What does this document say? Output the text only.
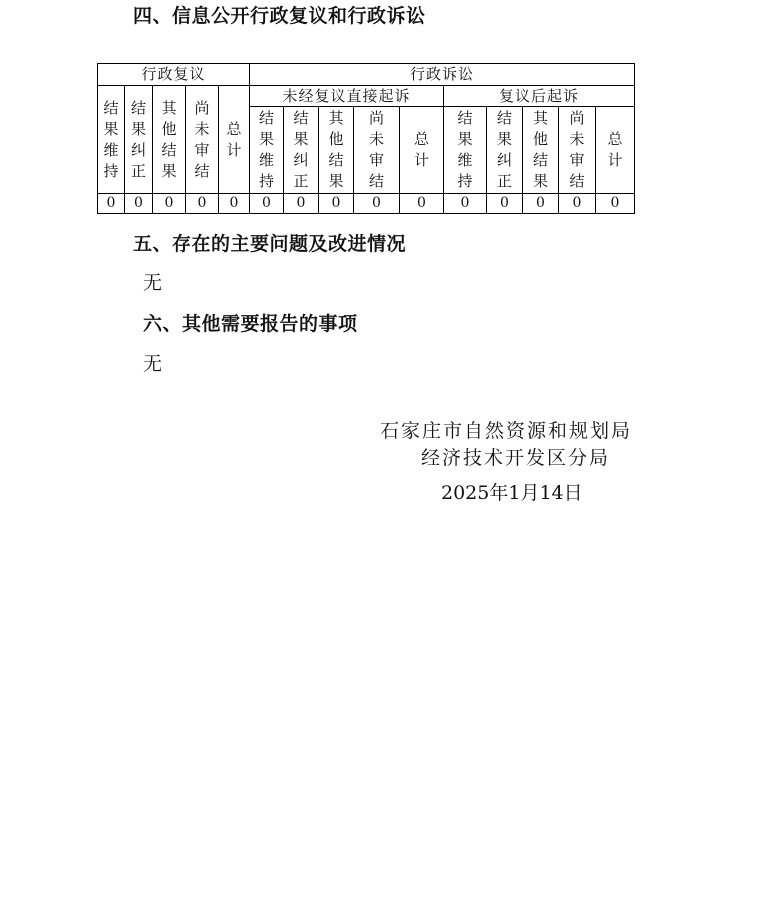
四、信息公开行政复议和行政诉讼
行政复议					行政诉讼									
结果维持	结果纠正	其他结果	尚未审结	总计	未经复议直接起诉					复议后起诉				
					结果维持	结果纠正	其他结果	尚未审结	总计	结果维持	结果纠正	其他结果	尚未审结	总计
0	0	0	0	0	0	0	0	0	0	0	0	0	0	0
五、存在的主要问题及改进情况

无

六、其他需要报告的事项

无

石家庄市自然资源和规划局
经济技术开发区分局
2025年1月14日
